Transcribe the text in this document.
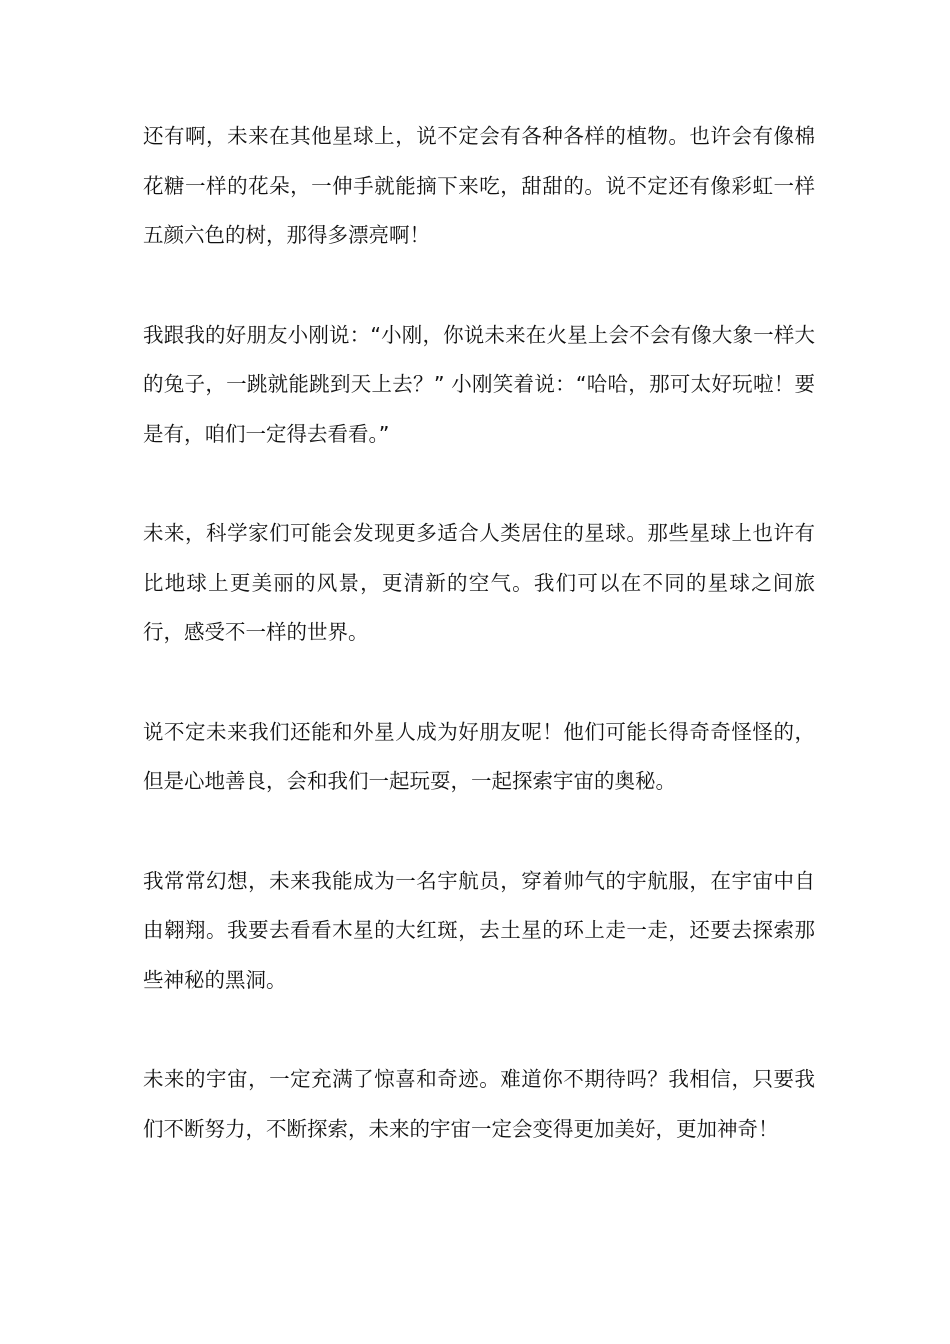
还有啊，未来在其他星球上，说不定会有各种各样的植物。也许会有像棉花糖一样的花朵，一伸手就能摘下来吃，甜甜的。说不定还有像彩虹一样五颜六色的树，那得多漂亮啊！

我跟我的好朋友小刚说：“小刚，你说未来在火星上会不会有像大象一样大的兔子，一跳就能跳到天上去？” 小刚笑着说：“哈哈，那可太好玩啦！要是有，咱们一定得去看看。”

未来，科学家们可能会发现更多适合人类居住的星球。那些星球上也许有比地球上更美丽的风景，更清新的空气。我们可以在不同的星球之间旅行，感受不一样的世界。

说不定未来我们还能和外星人成为好朋友呢！他们可能长得奇奇怪怪的，但是心地善良，会和我们一起玩耍，一起探索宇宙的奥秘。

我常常幻想，未来我能成为一名宇航员，穿着帅气的宇航服，在宇宙中自由翱翔。我要去看看木星的大红斑，去土星的环上走一走，还要去探索那些神秘的黑洞。

未来的宇宙，一定充满了惊喜和奇迹。难道你不期待吗？我相信，只要我们不断努力，不断探索，未来的宇宙一定会变得更加美好，更加神奇！
